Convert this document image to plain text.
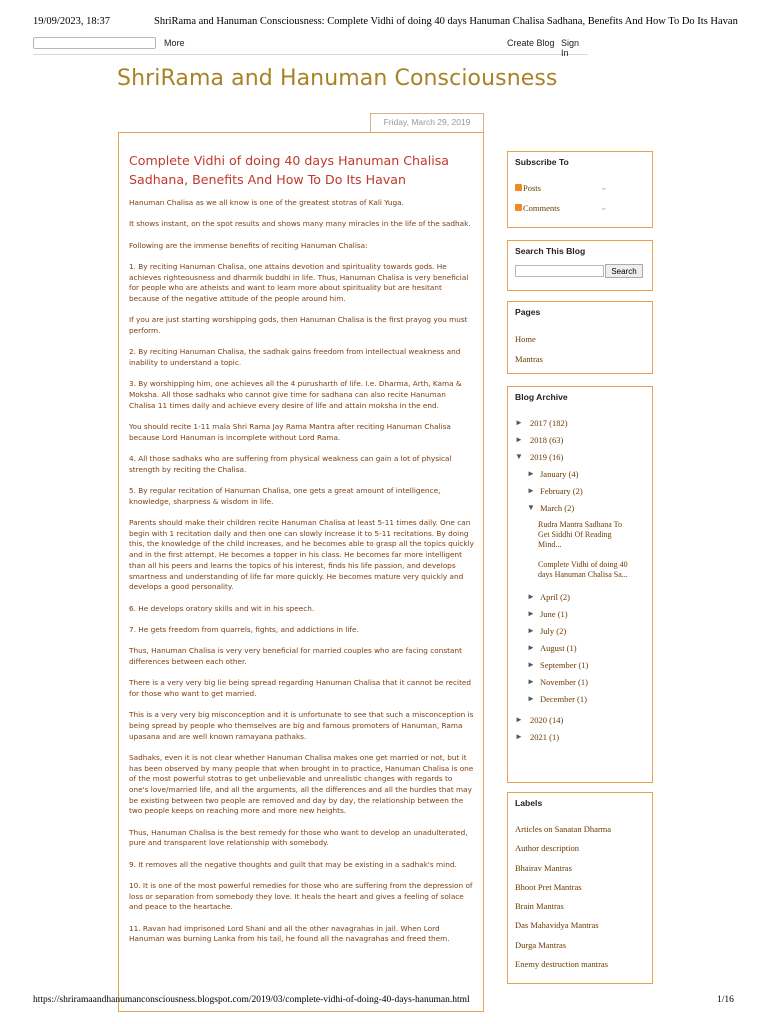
19/09/2023, 18:37	ShriRama and Hanuman Consciousness: Complete Vidhi of doing 40 days Hanuman Chalisa Sadhana, Benefits And How To Do Its Havan
More	Create Blog Sign In
ShriRama and Hanuman Consciousness
Friday, March 29, 2019
Complete Vidhi of doing 40 days Hanuman Chalisa Sadhana, Benefits And How To Do Its Havan

Hanuman Chalisa as we all know is one of the greatest stotras of Kali Yuga.

It shows instant, on the spot results and shows many many miracles in the life of the sadhak.

Following are the immense benefits of reciting Hanuman Chalisa:

1. By reciting Hanuman Chalisa, one attains devotion and spirituality towards gods. He achieves righteousness and dharmik buddhi in life. Thus, Hanuman Chalisa is very beneficial for people who are atheists and want to learn more about spirituality but are hesitant because of the negative attitude of the people around him.

If you are just starting worshipping gods, then Hanuman Chalisa is the first prayog you must perform.

2. By reciting Hanuman Chalisa, the sadhak gains freedom from intellectual weakness and inability to understand a topic.

3. By worshipping him, one achieves all the 4 purusharth of life. I.e. Dharma, Arth, Kama & Moksha. All those sadhaks who cannot give time for sadhana can also recite Hanuman Chalisa 11 times daily and achieve every desire of life and attain moksha in the end.

You should recite 1-11 mala Shri Rama Jay Rama Mantra after reciting Hanuman Chalisa because Lord Hanuman is incomplete without Lord Rama.

4. All those sadhaks who are suffering from physical weakness can gain a lot of physical strength by reciting the Chalisa.

5. By regular recitation of Hanuman Chalisa, one gets a great amount of intelligence, knowledge, sharpness & wisdom in life.

Parents should make their children recite Hanuman Chalisa at least 5-11 times daily. One can begin with 1 recitation daily and then one can slowly increase it to 5-11 recitations. By doing this, the knowledge of the child increases, and he becomes able to grasp all the topics quickly and in the first attempt. He becomes a topper in his class. He becomes far more intelligent than all his peers and learns the topics of his interest, finds his life passion, and develops smartness and understanding of life far more quickly. He becomes mature very quickly and develops a good personality.

6. He develops oratory skills and wit in his speech.

7. He gets freedom from quarrels, fights, and addictions in life.

Thus, Hanuman Chalisa is very very beneficial for married couples who are facing constant differences between each other.

There is a very very big lie being spread regarding Hanuman Chalisa that it cannot be recited for those who want to get married.

This is a very very big misconception and it is unfortunate to see that such a misconception is being spread by people who themselves are big and famous promoters of Hanuman, Rama upasana and are well known ramayana pathaks.

Sadhaks, even it is not clear whether Hanuman Chalisa makes one get married or not, but it has been observed by many people that when brought in to practice, Hanuman Chalisa is one of the most powerful stotras to get unbelievable and unrealistic changes with regards to one's love/married life, and all the arguments, all the differences and all the hurdles that may be existing between two people are removed and day by day, the relationship between the two people keeps on reaching more and more new heights.

Thus, Hanuman Chalisa is the best remedy for those who want to develop an unadulterated, pure and transparent love relationship with somebody.

9. It removes all the negative thoughts and guilt that may be existing in a sadhak's mind.

10. It is one of the most powerful remedies for those who are suffering from the depression of loss or separation from somebody they love. It heals the heart and gives a feeling of solace and peace to the heartache.

11. Ravan had imprisoned Lord Shani and all the other navagrahas in jail. When Lord Hanuman was burning Lanka from his tail, he found all the navagrahas and freed them.

Subscribe To
Posts	⌄
Comments	⌄
Search This Blog
Search
Pages
Home
Mantras
Blog Archive
► 2017 (182)
► 2018 (63)
▼ 2019 (16)
► January (4)
► February (2)
▼ March (2)
Rudra Mantra Sadhana To Get Siddhi Of Reading Mind...
Complete Vidhi of doing 40 days Hanuman Chalisa Sa...
► April (2)
► June (1)
► July (2)
► August (1)
► September (1)
► November (1)
► December (1)
► 2020 (14)
► 2021 (1)
Labels
Articles on Sanatan Dharma
Author description
Bhairav Mantras
Bhoot Pret Mantras
Brain Mantras
Das Mahavidya Mantras
Durga Mantras
Enemy destruction mantras
https://shriramaandhanumanconsciousness.blogspot.com/2019/03/complete-vidhi-of-doing-40-days-hanuman.html	1/16
